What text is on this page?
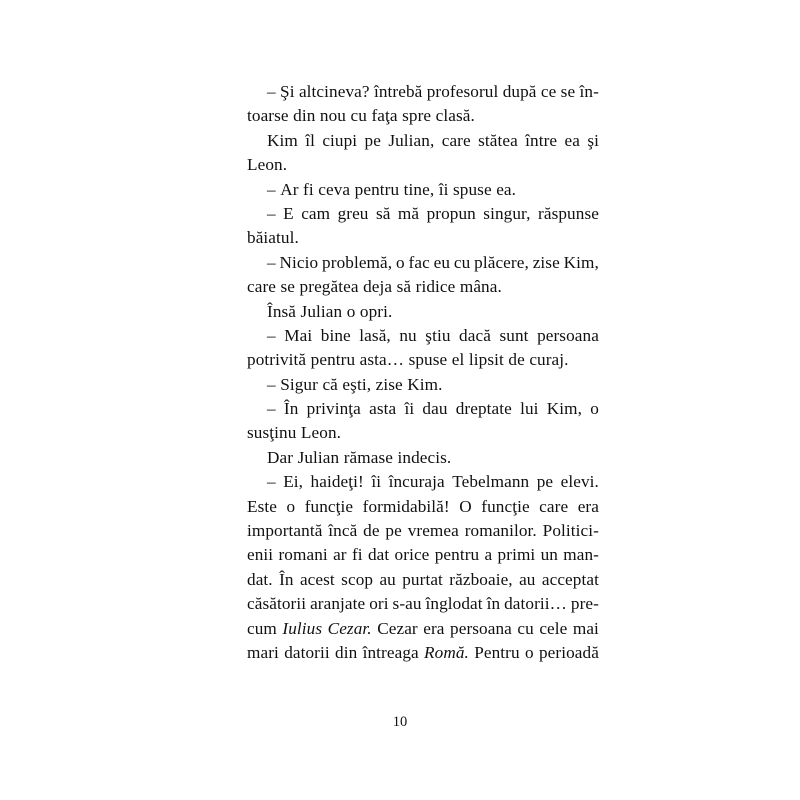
– Şi altcineva? întrebă profesorul după ce se în-
toarse din nou cu faţa spre clasă.
Kim îl ciupi pe Julian, care stătea între ea şi
Leon.
– Ar fi ceva pentru tine, îi spuse ea.
– E cam greu să mă propun singur, răspunse
băiatul.
– Nicio problemă, o fac eu cu plăcere, zise Kim,
care se pregătea deja să ridice mâna.
Însă Julian o opri.
– Mai bine lasă, nu ştiu dacă sunt persoana
potrivită pentru asta… spuse el lipsit de curaj.
– Sigur că eşti, zise Kim.
– În privinţa asta îi dau dreptate lui Kim, o
susţinu Leon.
Dar Julian rămase indecis.
– Ei, haideţi! îi încuraja Tebelmann pe elevi.
Este o funcţie formidabilă! O funcţie care era
importantă încă de pe vremea romanilor. Politici-
enii romani ar fi dat orice pentru a primi un man-
dat. În acest scop au purtat războaie, au acceptat
căsătorii aranjate ori s-au înglodat în datorii… pre-
cum Iulius Cezar. Cezar era persoana cu cele mai
mari datorii din întreaga Romă. Pentru o perioadă
10
